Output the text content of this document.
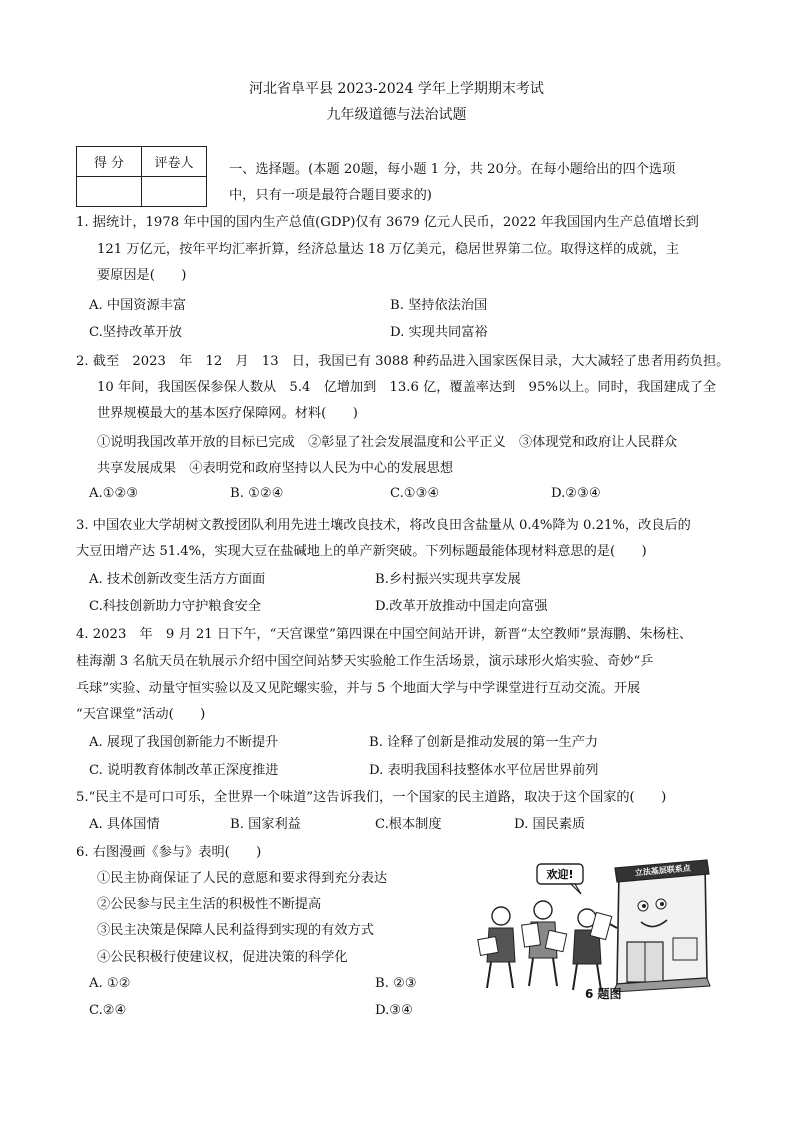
河北省阜平县 2023-2024 学年上学期期末考试
九年级道德与法治试题
得 分	评卷人
		一、选择题。(本题 20题，每小题 1 分，共 20分。在每小题给出的四个选项
中，只有一项是最符合题目要求的)
1. 据统计，1978 年中国的国内生产总值(GDP)仅有 3679 亿元人民币，2022 年我国国内生产总值增长到
121 万亿元，按年平均汇率折算，经济总量达 18 万亿美元，稳居世界第二位。取得这样的成就，主
要原因是(　　)
A. 中国资源丰富	B. 坚持依法治国
C.坚持改革开放	D. 实现共同富裕
2. 截至　2023　年　12　月　13　日，我国已有 3088 种药品进入国家医保目录，大大减轻了患者用药负担。
10 年间，我国医保参保人数从　5.4　亿增加到　13.6 亿，覆盖率达到　95%以上。同时，我国建成了全
世界规模最大的基本医疗保障网。材料(　　)
①说明我国改革开放的目标已完成　②彰显了社会发展温度和公平正义　③体现党和政府让人民群众
共享发展成果　④表明党和政府坚持以人民为中心的发展思想
A.①②③	B. ①②④	C.①③④	D.②③④
3. 中国农业大学胡树文教授团队利用先进土壤改良技术，将改良田含盐量从 0.4%降为 0.21%，改良后的
大豆田增产达 51.4%，实现大豆在盐碱地上的单产新突破。下列标题最能体现材料意思的是(　　)
A. 技术创新改变生活方方面面	B.乡村振兴实现共享发展
C.科技创新助力守护粮食安全	D.改革开放推动中国走向富强
4. 2023　年　9 月 21 日下午，“天宫课堂”第四课在中国空间站开讲，新晋“太空教师”景海鹏、朱杨柱、
桂海潮 3 名航天员在轨展示介绍中国空间站梦天实验舱工作生活场景，演示球形火焰实验、奇妙“乒
乓球”实验、动量守恒实验以及又见陀螺实验，并与 5 个地面大学与中学课堂进行互动交流。开展
“天宫课堂”活动(　　)
A. 展现了我国创新能力不断提升	B. 诠释了创新是推动发展的第一生产力
C. 说明教育体制改革正深度推进	D. 表明我国科技整体水平位居世界前列
5.“民主不是可口可乐，全世界一个味道”这告诉我们，一个国家的民主道路，取决于这个国家的(　　)
A. 具体国情	B. 国家利益	C.根本制度	D. 国民素质
6. 右图漫画《参与》表明(　　)
①民主协商保证了人民的意愿和要求得到充分表达
②公民参与民主生活的积极性不断提高
③民主决策是保障人民利益得到实现的有效方式
④公民积极行使建议权，促进决策的科学化
A. ①②	B. ②③
C.②④	D.③④
欢迎!	立法基层联系点
6 题图
